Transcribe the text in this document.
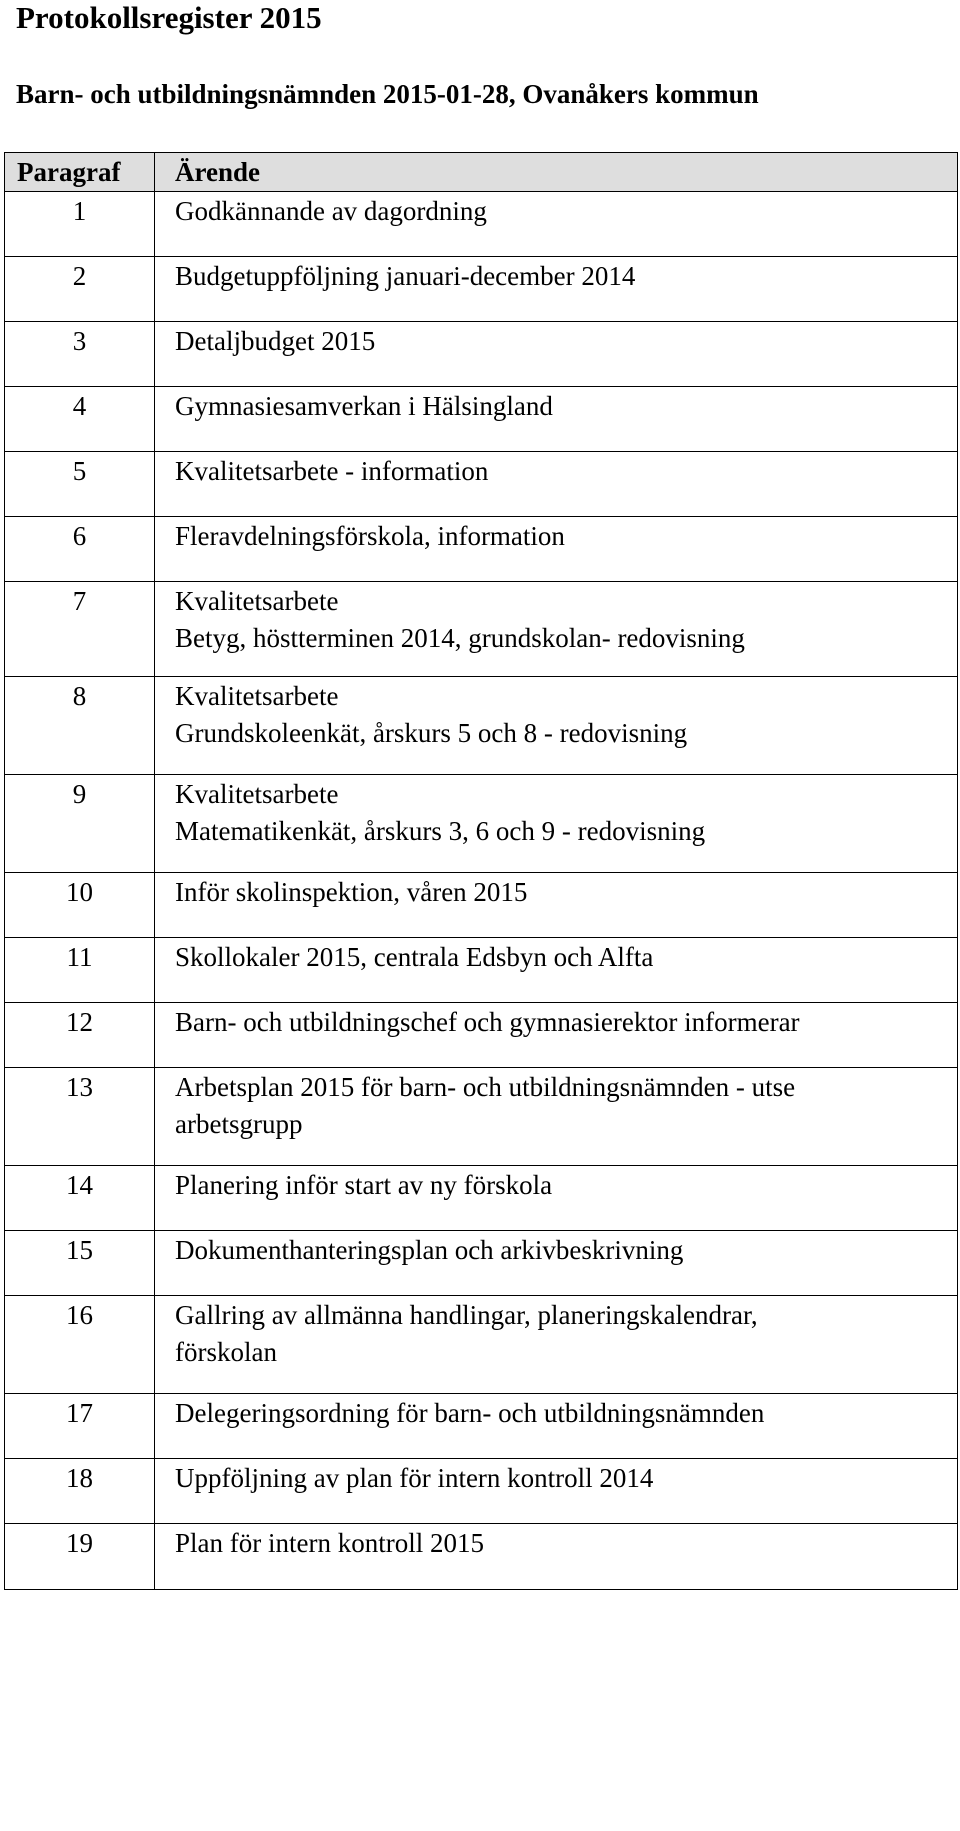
Protokollsregister 2015
Barn- och utbildningsnämnden 2015-01-28, Ovanåkers kommun
Paragraf	Ärende
1	Godkännande av dagordning

2	Budgetuppföljning januari-december 2014

3	Detaljbudget 2015

4	Gymnasiesamverkan i Hälsingland

5	Kvalitetsarbete - information

6	Fleravdelningsförskola, information

7	Kvalitetsarbete
Betyg, höstterminen 2014, grundskolan- redovisning

8	Kvalitetsarbete
Grundskoleenkät, årskurs 5 och 8 - redovisning

9	Kvalitetsarbete
Matematikenkät, årskurs 3, 6 och 9 - redovisning

10	Inför skolinspektion, våren 2015

11	Skollokaler 2015, centrala Edsbyn och Alfta

12	Barn- och utbildningschef och gymnasierektor informerar

13	Arbetsplan 2015 för barn- och utbildningsnämnden - utse
arbetsgrupp

14	Planering inför start av ny förskola

15	Dokumenthanteringsplan och arkivbeskrivning

16	Gallring av allmänna handlingar, planeringskalendrar,
förskolan

17	Delegeringsordning för barn- och utbildningsnämnden

18	Uppföljning av plan för intern kontroll 2014

19	Plan för intern kontroll 2015
